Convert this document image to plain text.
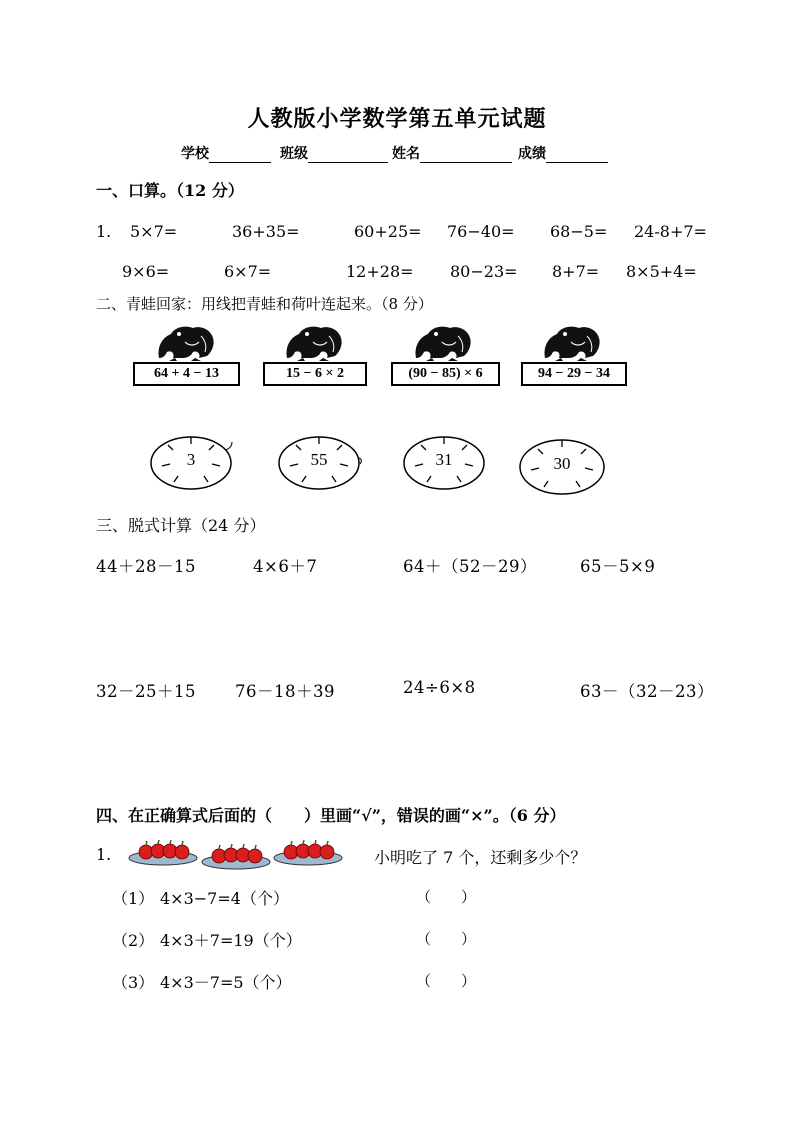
人教版小学数学第五单元试题
学校	班级	姓名	成绩
一、口算。（12 分）
1. 5×7=	36+35=	60+25= 76−40= 68−5= 24-8+7=
9×6=	6×7=	12+28= 80−23= 8+7= 8×5+4=
二、青蛙回家：用线把青蛙和荷叶连起来。（8 分）
64 + 4 − 13	15 − 6 × 2	(90 − 85) × 6	94 − 29 − 34
3	55	31	30
三、脱式计算（24 分）
44＋28－15	4×6＋7	64＋（52－29）	65－5×9
32－25＋15 76－18＋39	24÷6×8	63－（32－23）
四、在正确算式后面的（　　）里画“√”，错误的画“×”。（6 分）
1.	小明吃了 7 个，还剩多少个？
（1） 4×3−7=4（个）	（　　）
（2） 4×3＋7=19（个）	（　　）
（3） 4×3－7=5（个）	（　　）
